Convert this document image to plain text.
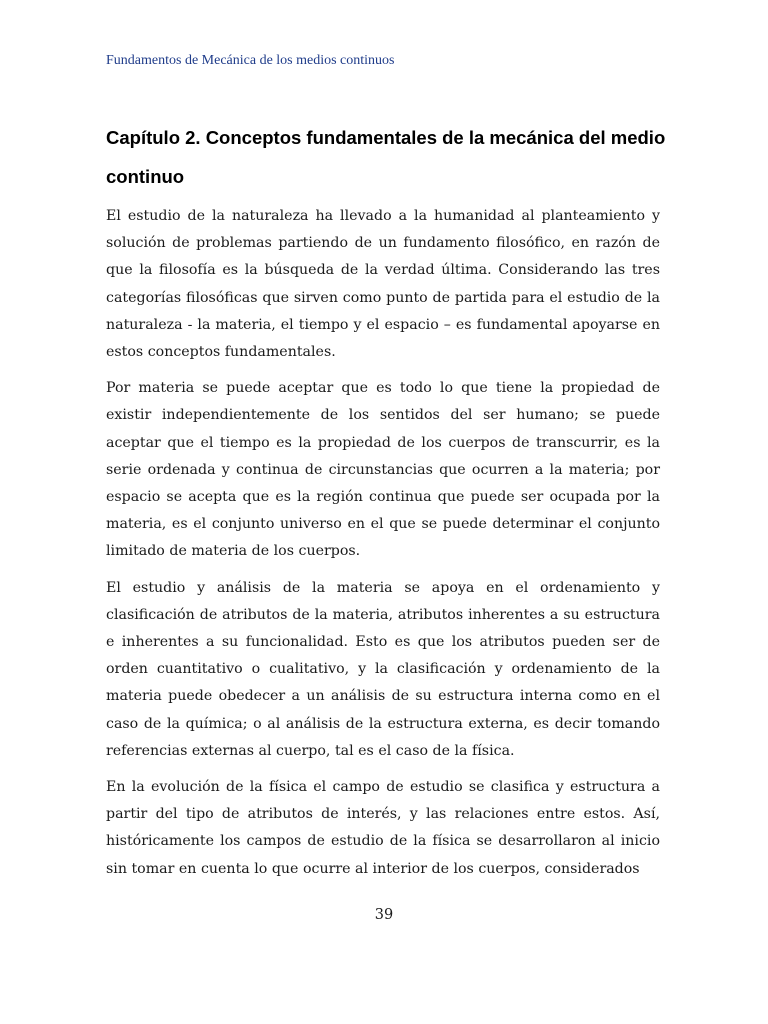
Fundamentos de Mecánica de los medios continuos
Capítulo 2. Conceptos fundamentales de la mecánica del medio continuo

El estudio de la naturaleza ha llevado a la humanidad al planteamiento y solución de problemas partiendo de un fundamento filosófico, en razón de que la filosofía es la búsqueda de la verdad última. Considerando las tres categorías filosóficas que sirven como punto de partida para el estudio de la naturaleza - la materia, el tiempo y el espacio – es fundamental apoyarse en estos conceptos fundamentales.

Por materia se puede aceptar que es todo lo que tiene la propiedad de existir independientemente de los sentidos del ser humano; se puede aceptar que el tiempo es la propiedad de los cuerpos de transcurrir, es la serie ordenada y continua de circunstancias que ocurren a la materia; por espacio se acepta que es la región continua que puede ser ocupada por la materia, es el conjunto universo en el que se puede determinar el conjunto limitado de materia de los cuerpos.

El estudio y análisis de la materia se apoya en el ordenamiento y clasificación de atributos de la materia, atributos inherentes a su estructura e inherentes a su funcionalidad. Esto es que los atributos pueden ser de orden cuantitativo o cualitativo, y la clasificación y ordenamiento de la materia puede obedecer a un análisis de su estructura interna como en el caso de la química; o al análisis de la estructura externa, es decir tomando referencias externas al cuerpo, tal es el caso de la física.

En la evolución de la física el campo de estudio se clasifica y estructura a partir del tipo de atributos de interés, y las relaciones entre estos. Así, históricamente los campos de estudio de la física se desarrollaron al inicio sin tomar en cuenta lo que ocurre al interior de los cuerpos, considerados

39
